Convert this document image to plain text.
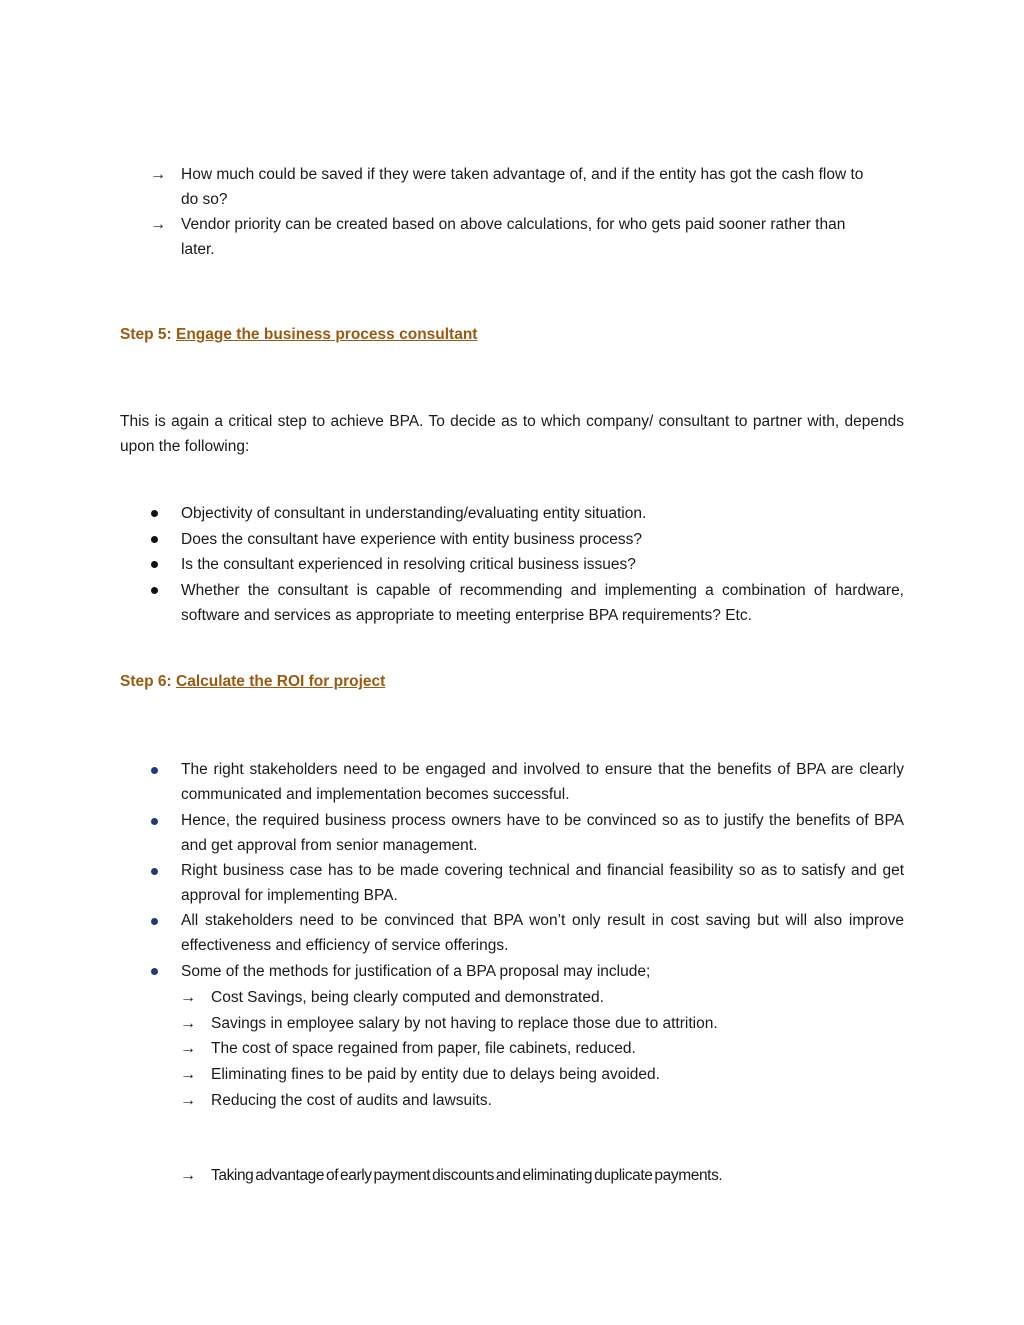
→ How much could be saved if they were taken advantage of, and if the entity has got the cash flow to do so?
→ Vendor priority can be created based on above calculations, for who gets paid sooner rather than later.
Step 5: Engage the business process consultant
This is again a critical step to achieve BPA. To decide as to which company/ consultant to partner with, depends upon the following:
Objectivity of consultant in understanding/evaluating entity situation.
Does the consultant have experience with entity business process?
Is the consultant experienced in resolving critical business issues?
Whether the consultant is capable of recommending and implementing a combination of hardware, software and services as appropriate to meeting enterprise BPA requirements? Etc.
Step 6: Calculate the ROI for project
The right stakeholders need to be engaged and involved to ensure that the benefits of BPA are clearly communicated and implementation becomes successful.
Hence, the required business process owners have to be convinced so as to justify the benefits of BPA and get approval from senior management.
Right business case has to be made covering technical and financial feasibility so as to satisfy and get approval for implementing BPA.
All stakeholders need to be convinced that BPA won’t only result in cost saving but will also improve effectiveness and efficiency of service offerings.
Some of the methods for justification of a BPA proposal may include;
→ Cost Savings, being clearly computed and demonstrated.
→ Savings in employee salary by not having to replace those due to attrition.
→ The cost of space regained from paper, file cabinets, reduced.
→ Eliminating fines to be paid by entity due to delays being avoided.
→ Reducing the cost of audits and lawsuits.
→ Taking advantage of early payment discounts and eliminating duplicate payments.
